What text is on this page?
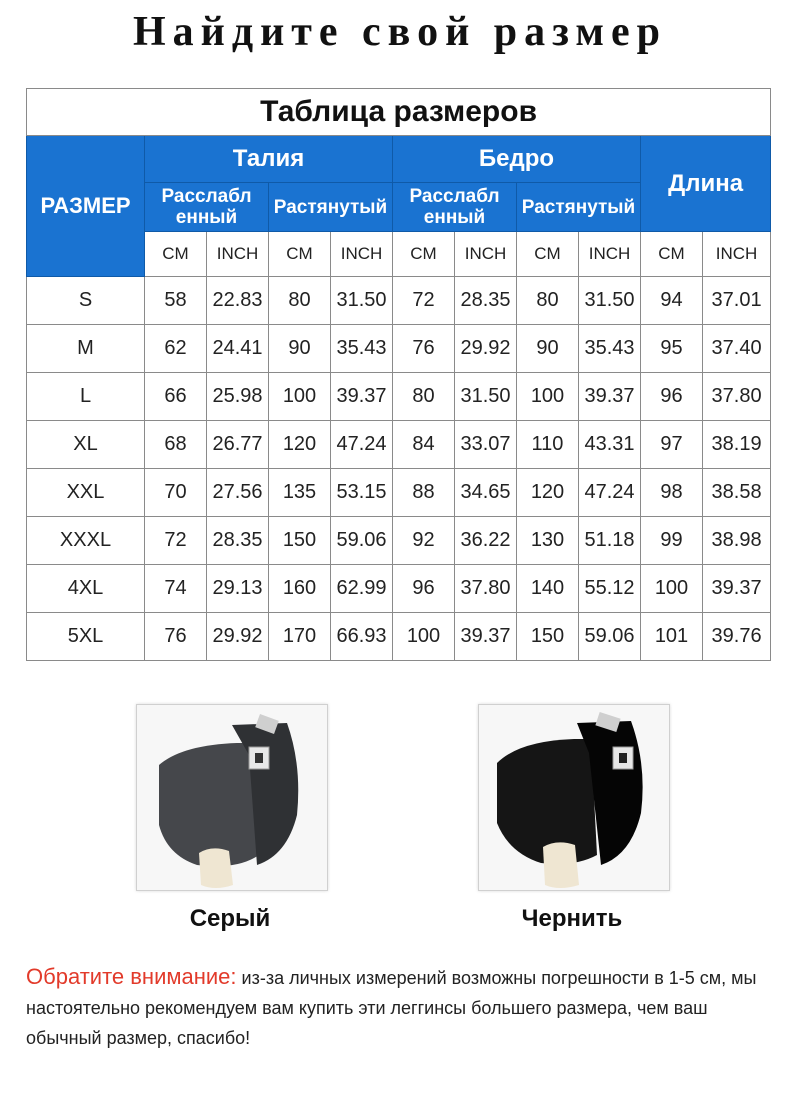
Найдите свой размер
Таблица размеров										
РАЗМЕР	Талия				Бедро				Длина	
	Расслабл енный		Растянутый		Расслабл енный		Растянутый			
	CM	INCH	CM	INCH	CM	INCH	CM	INCH	CM	INCH
S	58	22.83	80	31.50	72	28.35	80	31.50	94	37.01
M	62	24.41	90	35.43	76	29.92	90	35.43	95	37.40
L	66	25.98	100	39.37	80	31.50	100	39.37	96	37.80
XL	68	26.77	120	47.24	84	33.07	110	43.31	97	38.19
XXL	70	27.56	135	53.15	88	34.65	120	47.24	98	38.58
XXXL	72	28.35	150	59.06	92	36.22	130	51.18	99	38.98
4XL	74	29.13	160	62.99	96	37.80	140	55.12	100	39.37
5XL	76	29.92	170	66.93	100	39.37	150	59.06	101	39.76
Серый	Чернить
Обратите внимание: из-за личных измерений возможны погрешности в 1-5 см, мы настоятельно рекомендуем вам купить эти леггинсы большего размера, чем ваш обычный размер, спасибо!
